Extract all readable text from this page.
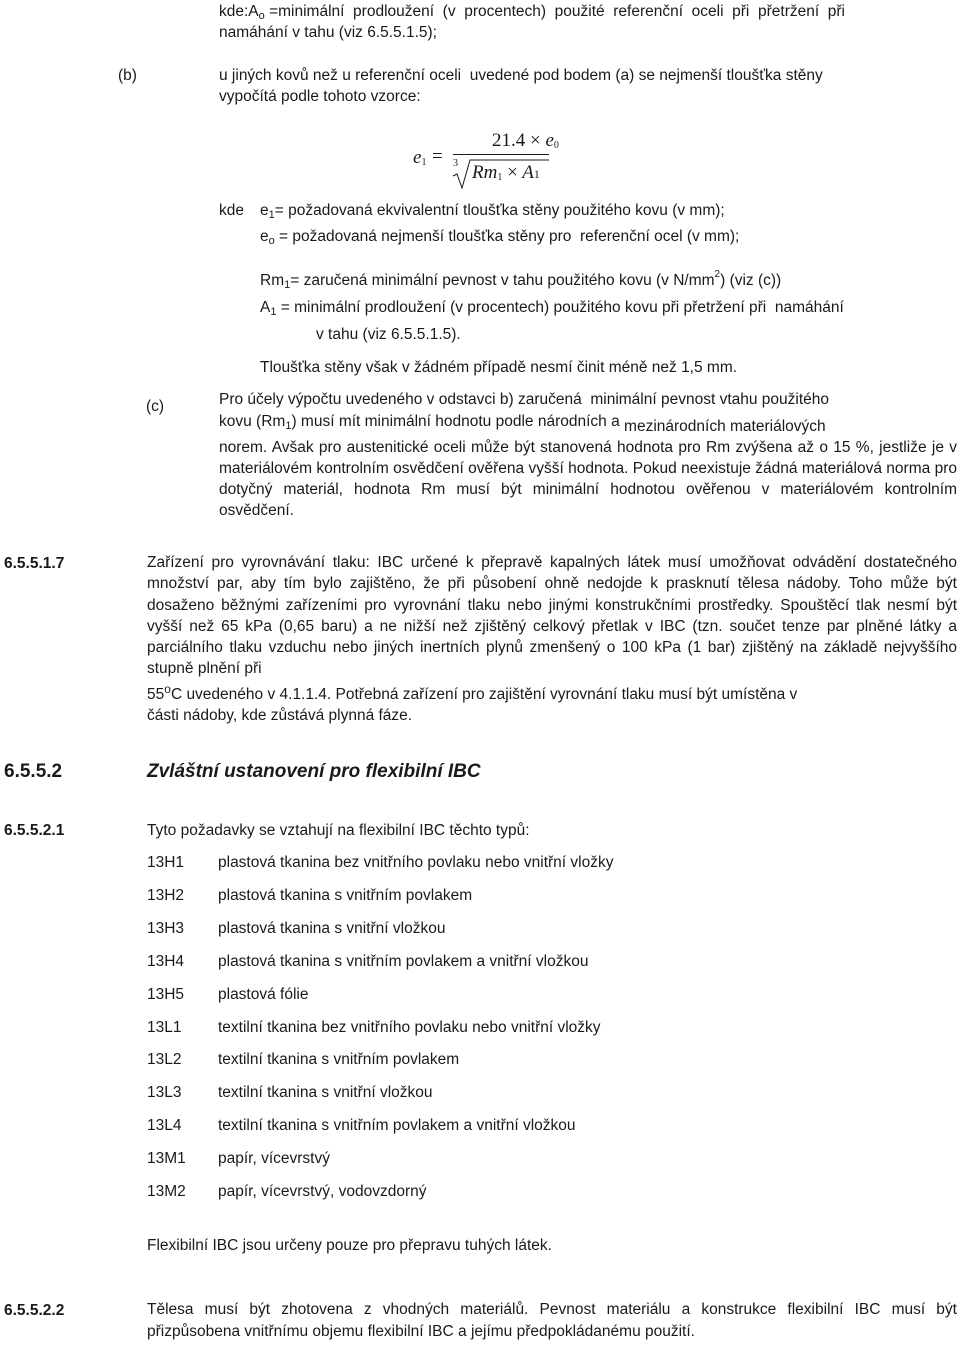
kde:Ao =minimální  prodloužení  (v  procentech)  použité  referenční  oceli  při  přetržení  při
namáhání v tahu (viz 6.5.5.1.5);
(b)	u jiných kovů než u referenční oceli  uvedené pod bodem (a) se nejmenší tloušťka stěny
vypočítá podle tohoto vzorce:
e1 =
21.4 × e0
3 Rm1 × A1
kde e1= požadovaná ekvivalentní tloušťka stěny použitého kovu (v mm);
eo = požadovaná nejmenší tloušťka stěny pro  referenční ocel (v mm);
Rm1= zaručená minimální pevnost v tahu použitého kovu (v $N/mm^2$) (viz (c))
A1 = minimální prodloužení (v procentech) použitého kovu při přetržení při  namáhání
v tahu (viz 6.5.5.1.5).
Tloušťka stěny však v žádném případě nesmí činit méně než 1,5 mm.
(c)	Pro účely výpočtu uvedeného v odstavci b) zaručená  minimální pevnost vtahu použitého
kovu (Rm1) musí mít minimální hodnotu podle národních a mezinárodních materiálových
norem. Avšak pro austenitické oceli může být stanovená hodnota pro Rm zvýšena až o 15 %, jestliže je v materiálovém kontrolním osvědčení ověřena vyšší hodnota. Pokud neexistuje žádná materiálová norma pro dotyčný materiál, hodnota Rm musí být minimální hodnotou ověřenou v materiálovém kontrolním osvědčení.
6.5.5.1.7	Zařízení pro vyrovnávání tlaku: IBC určené k přepravě kapalných látek musí umožňovat odvádění dostatečného množství par, aby tím bylo zajištěno, že při působení ohně nedojde k prasknutí tělesa nádoby. Toho může být dosaženo běžnými zařízeními pro vyrovnání tlaku nebo jinými konstrukčními prostředky. Spouštěcí tlak nesmí být vyšší než 65 kPa (0,65 baru) a ne nižší než zjištěný celkový přetlak v IBC (tzn. součet tenze par plněné látky a parciálního tlaku vzduchu nebo jiných inertních plynů zmenšený o 100 kPa (1 bar) zjištěný na základě nejvyššího stupně plnění při
55$^o$C uvedeného v 4.1.1.4. Potřebná zařízení pro zajištění vyrovnání tlaku musí být umístěna v
části nádoby, kde zůstává plynná fáze.
6.5.5.2	Zvláštní ustanovení pro flexibilní IBC
6.5.5.2.1	Tyto požadavky se vztahují na flexibilní IBC těchto typů:
13H1 plastová tkanina bez vnitřního povlaku nebo vnitřní vložky
13H2 plastová tkanina s vnitřním povlakem
13H3 plastová tkanina s vnitřní vložkou
13H4 plastová tkanina s vnitřním povlakem a vnitřní vložkou
13H5 plastová fólie
13L1 textilní tkanina bez vnitřního povlaku nebo vnitřní vložky
13L2 textilní tkanina s vnitřním povlakem
13L3 textilní tkanina s vnitřní vložkou
13L4 textilní tkanina s vnitřním povlakem a vnitřní vložkou
13M1 papír, vícevrstvý
13M2 papír, vícevrstvý, vodovzdorný
Flexibilní IBC jsou určeny pouze pro přepravu tuhých látek.
6.5.5.2.2	Tělesa musí být zhotovena z vhodných materiálů. Pevnost materiálu a konstrukce flexibilní IBC musí být přizpůsobena vnitřnímu objemu flexibilní IBC a jejímu předpokládanému použití.
